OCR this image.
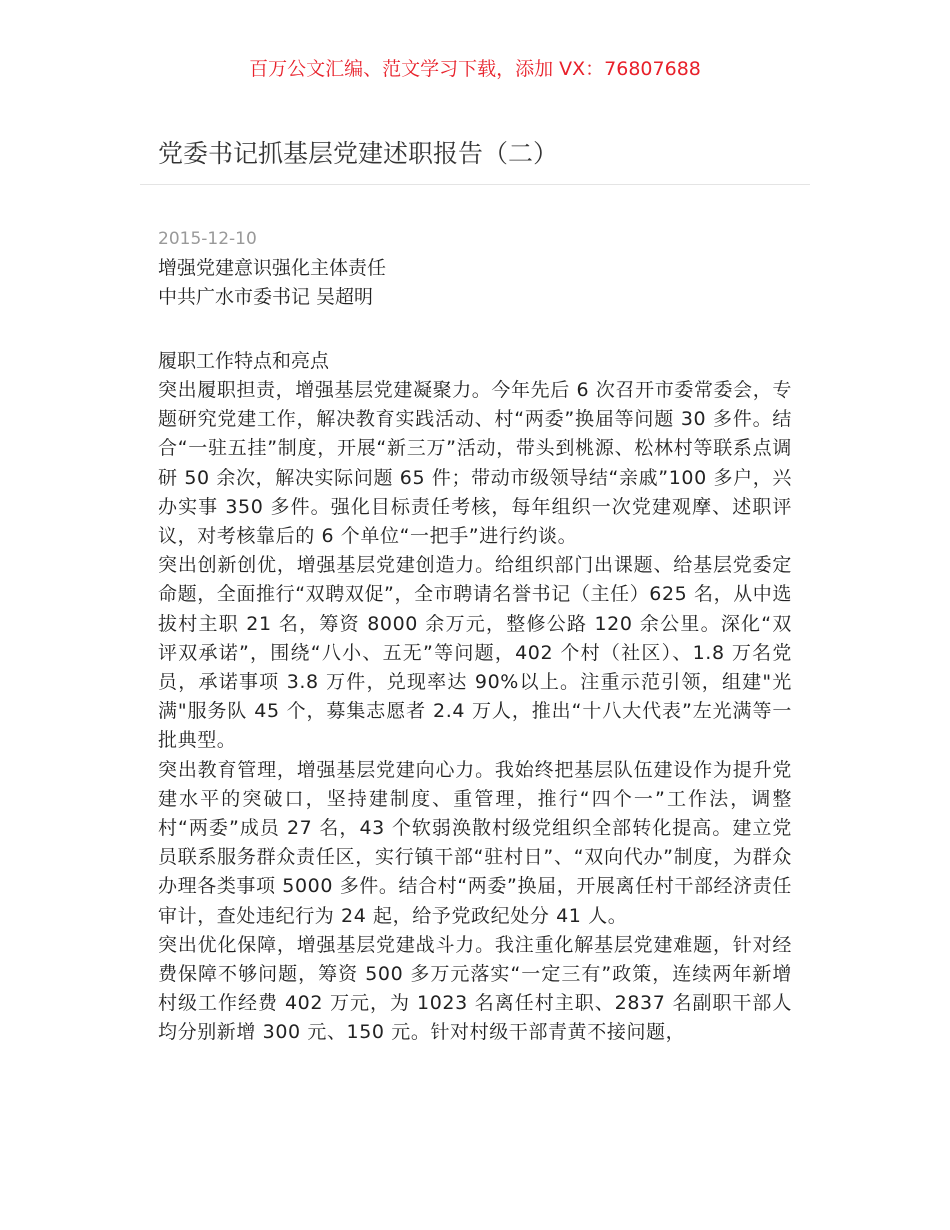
百万公文汇编、范文学习下载，添加 VX：76807688
党委书记抓基层党建述职报告（二）
2015-12-10
增强党建意识强化主体责任
中共广水市委书记 吴超明
履职工作特点和亮点
突出履职担责，增强基层党建凝聚力。今年先后 6 次召开市委常委会，专题研究党建工作，解决教育实践活动、村“两委”换届等问题 30 多件。结合“一驻五挂”制度，开展“新三万”活动，带头到桃源、松林村等联系点调研 50 余次，解决实际问题 65 件；带动市级领导结“亲戚”100 多户，兴办实事 350 多件。强化目标责任考核，每年组织一次党建观摩、述职评议，对考核靠后的 6 个单位“一把手”进行约谈。
突出创新创优，增强基层党建创造力。给组织部门出课题、给基层党委定命题，全面推行“双聘双促”，全市聘请名誉书记（主任）625 名，从中选拔村主职 21 名，筹资 8000 余万元，整修公路 120 余公里。深化“双评双承诺”，围绕“八小、五无”等问题，402 个村（社区）、1.8 万名党员，承诺事项 3.8 万件，兑现率达 90%以上。注重示范引领，组建"光满"服务队 45 个，募集志愿者 2.4 万人，推出“十八大代表”左光满等一批典型。
突出教育管理，增强基层党建向心力。我始终把基层队伍建设作为提升党建水平的突破口，坚持建制度、重管理，推行“四个一”工作法，调整村“两委”成员 27 名，43 个软弱涣散村级党组织全部转化提高。建立党员联系服务群众责任区，实行镇干部“驻村日”、“双向代办”制度，为群众办理各类事项 5000 多件。结合村“两委”换届，开展离任村干部经济责任审计，查处违纪行为 24 起，给予党政纪处分 41 人。
突出优化保障，增强基层党建战斗力。我注重化解基层党建难题，针对经费保障不够问题，筹资 500 多万元落实“一定三有”政策，连续两年新增村级工作经费 402 万元，为 1023 名离任村主职、2837 名副职干部人均分别新增 300 元、150 元。针对村级干部青黄不接问题，
